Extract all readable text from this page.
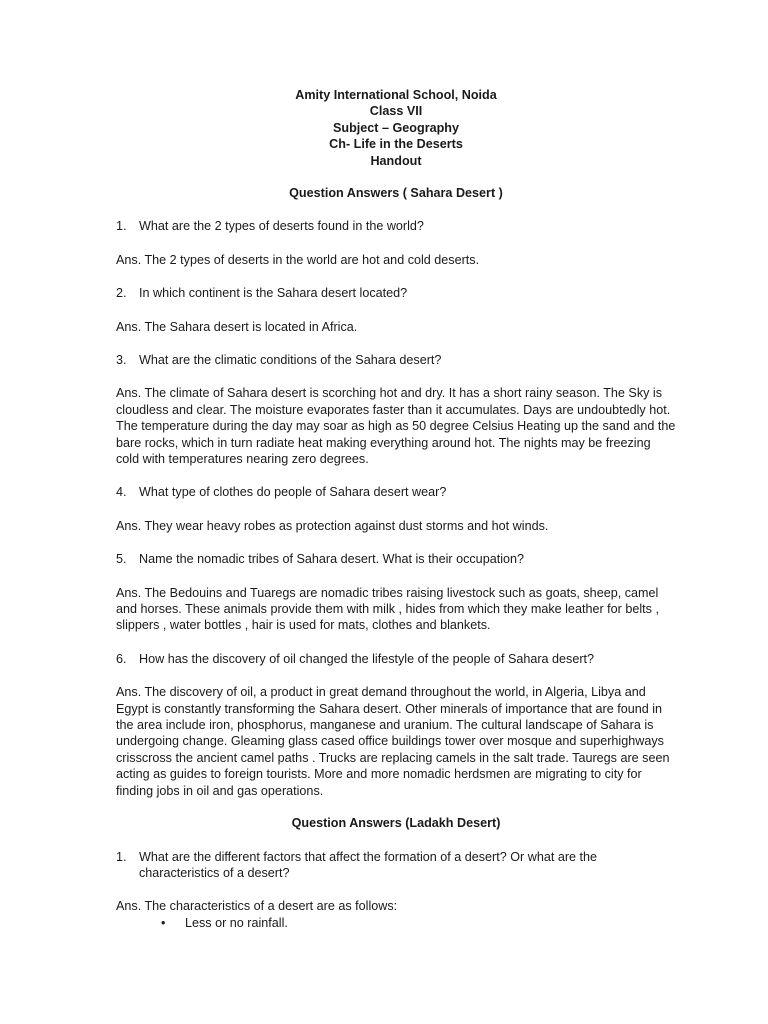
Amity International School, Noida
Class VII
Subject – Geography
Ch- Life in the Deserts
Handout
Question Answers ( Sahara Desert )
1. What are the 2 types of deserts found in the world?
Ans. The 2 types of deserts in the world are hot and cold deserts.
2. In which continent is the Sahara desert located?
Ans. The Sahara desert is located in Africa.
3. What are the climatic conditions of the Sahara desert?
Ans. The climate of Sahara desert is scorching hot and dry. It has a short rainy season. The Sky is cloudless and clear. The moisture evaporates faster than it accumulates. Days are undoubtedly hot. The temperature during the day may soar as high as 50 degree Celsius Heating up the sand and the bare rocks, which in turn radiate heat making everything around hot. The nights may be freezing cold with temperatures nearing zero degrees.
4. What type of clothes do people of Sahara desert wear?
Ans. They wear heavy robes as protection against dust storms and hot winds.
5. Name the nomadic tribes of Sahara desert. What is their occupation?
Ans. The Bedouins and Tuaregs are nomadic tribes raising livestock such as goats, sheep, camel and horses. These animals provide them with milk , hides from which they make leather for belts , slippers , water bottles , hair is used for mats, clothes and blankets.
6. How has the discovery of oil changed the lifestyle of the people of Sahara desert?
Ans. The discovery of oil, a product in great demand throughout the world, in Algeria, Libya and Egypt is constantly transforming the Sahara desert. Other minerals of importance that are found in the area include iron, phosphorus, manganese and uranium. The cultural landscape of Sahara is undergoing change. Gleaming glass cased office buildings tower over mosque and superhighways crisscross the ancient camel paths . Trucks are replacing camels in the salt trade. Tauregs are seen acting as guides to foreign tourists. More and more nomadic herdsmen are migrating to city for finding jobs in oil and gas operations.
Question Answers (Ladakh Desert)
1. What are the different factors that affect the formation of a desert? Or what are the characteristics of a desert?
Ans. The characteristics of a desert are as follows:
• Less or no rainfall.
